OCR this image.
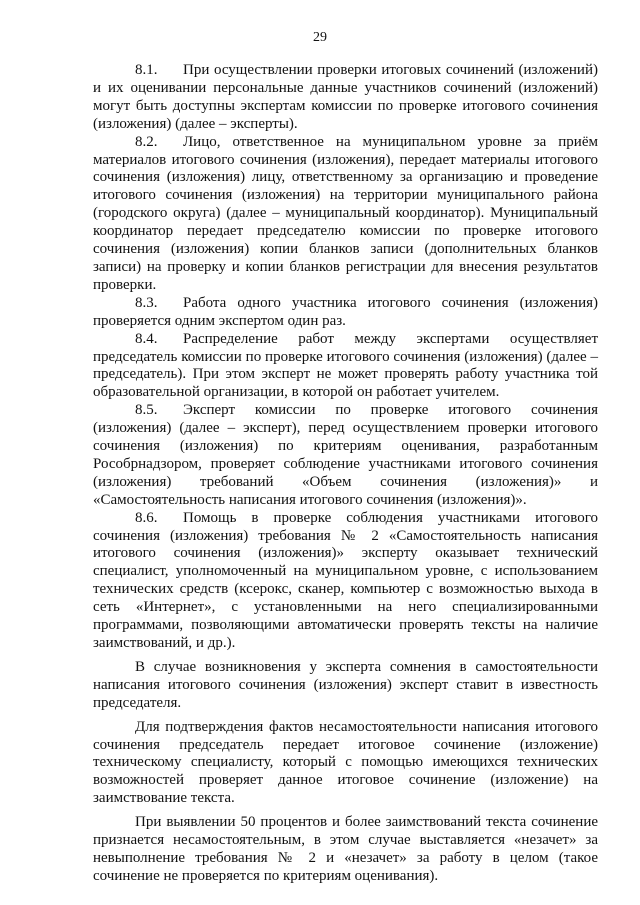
29

8.1. При осуществлении проверки итоговых сочинений (изложений) и их оценивании персональные данные участников сочинений (изложений) могут быть доступны экспертам комиссии по проверке итогового сочинения (изложения) (далее – эксперты).

8.2. Лицо, ответственное на муниципальном уровне за приём материалов итогового сочинения (изложения), передает материалы итогового сочинения (изложения) лицу, ответственному за организацию и проведение итогового сочинения (изложения) на территории муниципального района (городского округа) (далее – муниципальный координатор). Муниципальный координатор передает председателю комиссии по проверке итогового сочинения (изложения) копии бланков записи (дополнительных бланков записи) на проверку и копии бланков регистрации для внесения результатов проверки.

8.3. Работа одного участника итогового сочинения (изложения) проверяется одним экспертом один раз.

8.4. Распределение работ между экспертами осуществляет председатель комиссии по проверке итогового сочинения (изложения) (далее – председатель). При этом эксперт не может проверять работу участника той образовательной организации, в которой он работает учителем.

8.5. Эксперт комиссии по проверке итогового сочинения (изложения) (далее – эксперт), перед осуществлением проверки итогового сочинения (изложения) по критериям оценивания, разработанным Рособрнадзором, проверяет соблюдение участниками итогового сочинения (изложения) требований «Объем сочинения (изложения)» и «Самостоятельность написания итогового сочинения (изложения)».

8.6. Помощь в проверке соблюдения участниками итогового сочинения (изложения) требования № 2 «Самостоятельность написания итогового сочинения (изложения)» эксперту оказывает технический специалист, уполномоченный на муниципальном уровне, с использованием технических средств (ксерокс, сканер, компьютер с возможностью выхода в сеть «Интернет», с установленными на него специализированными программами, позволяющими автоматически проверять тексты на наличие заимствований, и др.).

В случае возникновения у эксперта сомнения в самостоятельности написания итогового сочинения (изложения) эксперт ставит в известность председателя.

Для подтверждения фактов несамостоятельности написания итогового сочинения председатель передает итоговое сочинение (изложение) техническому специалисту, который с помощью имеющихся технических возможностей проверяет данное итоговое сочинение (изложение) на заимствование текста.

При выявлении 50 процентов и более заимствований текста сочинение признается несамостоятельным, в этом случае выставляется «незачет» за невыполнение требования № 2 и «незачет» за работу в целом (такое сочинение не проверяется по критериям оценивания).
